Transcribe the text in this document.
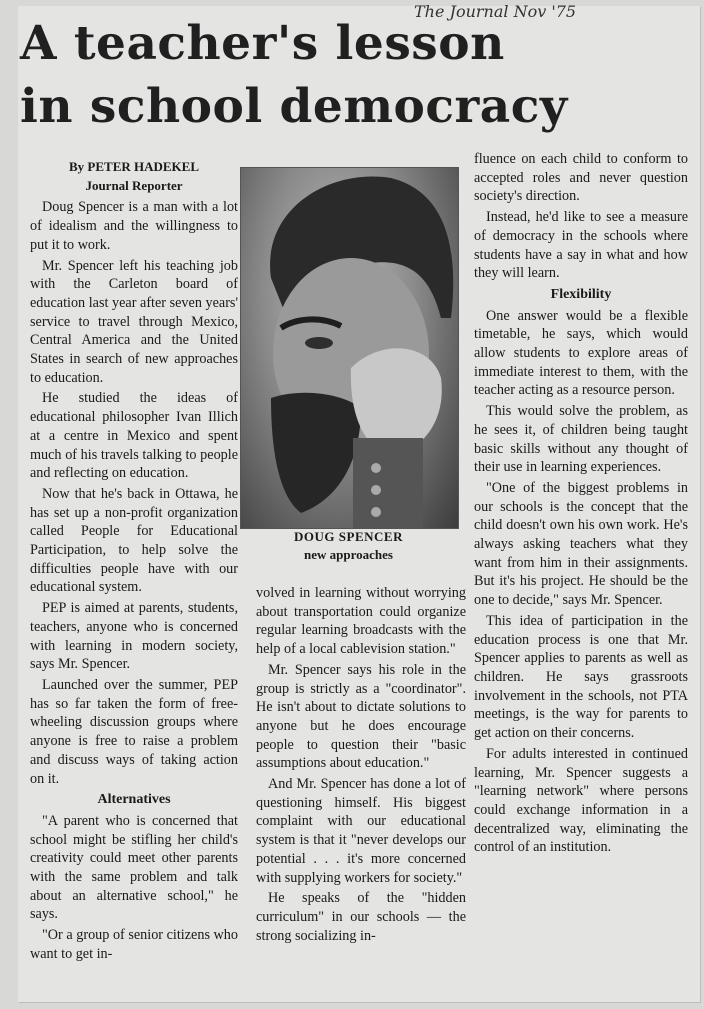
The Journal Nov '75
A teacher's lesson
in school democracy
By PETER HADEKEL
Journal Reporter

Doug Spencer is a man with a lot of idealism and the willingness to put it to work.

Mr. Spencer left his teaching job with the Carleton board of education last year after seven years' service to travel through Mexico, Central America and the United States in search of new approaches to education.

He studied the ideas of educational philosopher Ivan Illich at a centre in Mexico and spent much of his travels talking to people and reflecting on education.

Now that he's back in Ottawa, he has set up a non-profit organization called People for Educational Participation, to help solve the difficulties people have with our educational system.

PEP is aimed at parents, students, teachers, anyone who is concerned with learning in modern society, says Mr. Spencer.

Launched over the summer, PEP has so far taken the form of free-wheeling discussion groups where anyone is free to raise a problem and discuss ways of taking action on it.

Alternatives

"A parent who is concerned that school might be stifling her child's creativity could meet other parents with the same problem and talk about an alternative school," he says.

"Or a group of senior citizens who want to get in-

DOUG SPENCER
new approaches

volved in learning without worrying about transportation could organize regular learning broadcasts with the help of a local cablevision station."

Mr. Spencer says his role in the group is strictly as a "coordinator". He isn't about to dictate solutions to anyone but he does encourage people to question their "basic assumptions about education."

And Mr. Spencer has done a lot of questioning himself. His biggest complaint with our educational system is that it "never develops our potential . . . it's more concerned with supplying workers for society."

He speaks of the "hidden curriculum" in our schools — the strong socializing in-

fluence on each child to conform to accepted roles and never question society's direction.

Instead, he'd like to see a measure of democracy in the schools where students have a say in what and how they will learn.

Flexibility

One answer would be a flexible timetable, he says, which would allow students to explore areas of immediate interest to them, with the teacher acting as a resource person.

This would solve the problem, as he sees it, of children being taught basic skills without any thought of their use in learning experiences.

"One of the biggest problems in our schools is the concept that the child doesn't own his own work. He's always asking teachers what they want from him in their assignments. But it's his project. He should be the one to decide," says Mr. Spencer.

This idea of participation in the education process is one that Mr. Spencer applies to parents as well as children. He says grassroots involvement in the schools, not PTA meetings, is the way for parents to get action on their concerns.

For adults interested in continued learning, Mr. Spencer suggests a "learning network" where persons could exchange information in a decentralized way, eliminating the control of an institution.
